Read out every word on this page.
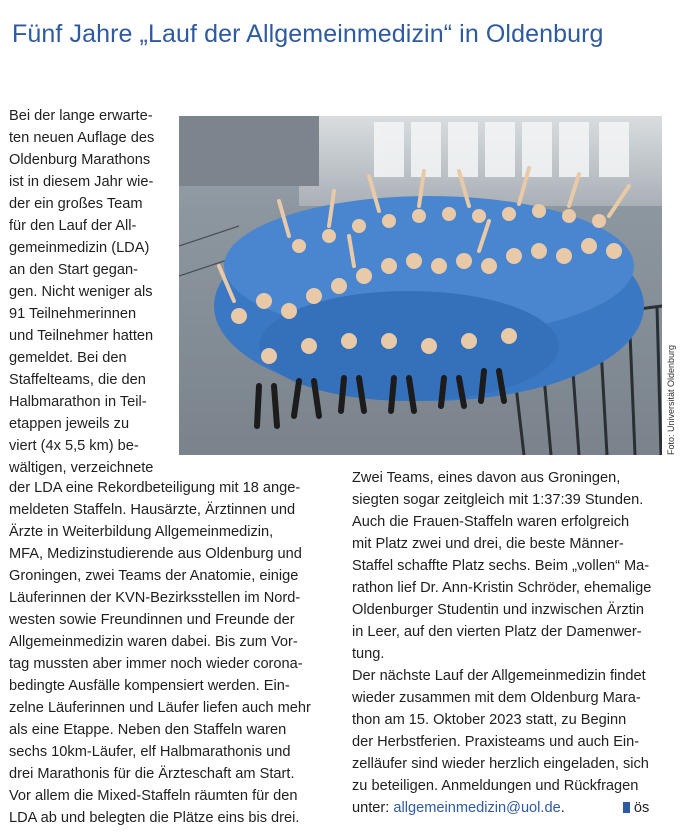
Fünf Jahre „Lauf der Allgemeinmedizin“ in Oldenburg
Bei der lange erwarte-
ten neuen Auflage des
Oldenburg Marathons
ist in diesem Jahr wie-
der ein großes Team
für den Lauf der All-
gemeinmedizin (LDA)
an den Start gegan-
gen. Nicht weniger als
91 Teilnehmerinnen
und Teilnehmer hatten
gemeldet. Bei den
Staffelteams, die den
Halbmarathon in Teil-
etappen jeweils zu
viert (4x 5,5 km) be-
wältigen, verzeichnete
Foto: Universität Oldenburg
der LDA eine Rekordbeteiligung mit 18 ange-
meldeten Staffeln. Hausärzte, Ärztinnen und
Ärzte in Weiterbildung Allgemeinmedizin,
MFA, Medizinstudierende aus Oldenburg und
Groningen, zwei Teams der Anatomie, einige
Läuferinnen der KVN-Bezirksstellen im Nord-
westen sowie Freundinnen und Freunde der
Allgemeinmedizin waren dabei. Bis zum Vor-
tag mussten aber immer noch wieder corona-
bedingte Ausfälle kompensiert werden. Ein-
zelne Läuferinnen und Läufer liefen auch mehr
als eine Etappe. Neben den Staffeln waren
sechs 10km-Läufer, elf Halbmarathonis und
drei Marathonis für die Ärzteschaft am Start.
Vor allem die Mixed-Staffeln räumten für den
LDA ab und belegten die Plätze eins bis drei.
Zwei Teams, eines davon aus Groningen,
siegten sogar zeitgleich mit 1:37:39 Stunden.
Auch die Frauen-Staffeln waren erfolgreich
mit Platz zwei und drei, die beste Männer-
Staffel schaffte Platz sechs. Beim „vollen“ Ma-
rathon lief Dr. Ann-Kristin Schröder, ehemalige
Oldenburger Studentin und inzwischen Ärztin
in Leer, auf den vierten Platz der Damenwer-
tung.
Der nächste Lauf der Allgemeinmedizin findet
wieder zusammen mit dem Oldenburg Mara-
thon am 15. Oktober 2023 statt, zu Beginn
der Herbstferien. Praxisteams und auch Ein-
zelläufer sind wieder herzlich eingeladen, sich
zu beteiligen. Anmeldungen und Rückfragen
unter: allgemeinmedizin@uol.de.	ös
